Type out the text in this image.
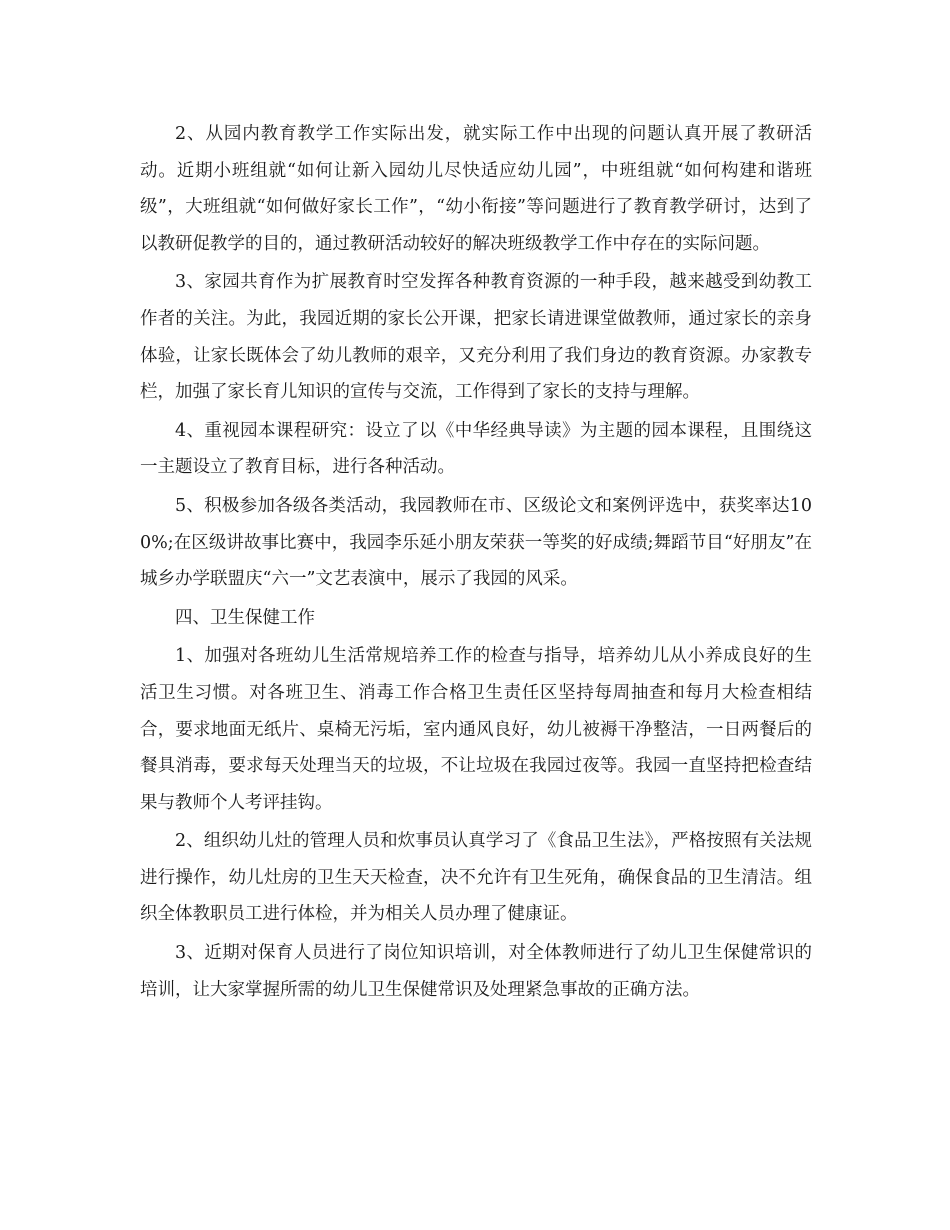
2、从园内教育教学工作实际出发，就实际工作中出现的问题认真开展了教研活动。近期小班组就“如何让新入园幼儿尽快适应幼儿园”，中班组就“如何构建和谐班级”，大班组就“如何做好家长工作”，“幼小衔接”等问题进行了教育教学研讨，达到了以教研促教学的目的，通过教研活动较好的解决班级教学工作中存在的实际问题。

3、家园共育作为扩展教育时空发挥各种教育资源的一种手段，越来越受到幼教工作者的关注。为此，我园近期的家长公开课，把家长请进课堂做教师，通过家长的亲身体验，让家长既体会了幼儿教师的艰辛，又充分利用了我们身边的教育资源。办家教专栏，加强了家长育儿知识的宣传与交流，工作得到了家长的支持与理解。

4、重视园本课程研究：设立了以《中华经典导读》为主题的园本课程，且围绕这一主题设立了教育目标，进行各种活动。

5、积极参加各级各类活动，我园教师在市、区级论文和案例评选中，获奖率达100%;在区级讲故事比赛中，我园李乐延小朋友荣获一等奖的好成绩;舞蹈节目“好朋友”在城乡办学联盟庆“六一”文艺表演中，展示了我园的风采。

四、卫生保健工作

1、加强对各班幼儿生活常规培养工作的检查与指导，培养幼儿从小养成良好的生活卫生习惯。对各班卫生、消毒工作合格卫生责任区坚持每周抽查和每月大检查相结合，要求地面无纸片、桌椅无污垢，室内通风良好，幼儿被褥干净整洁，一日两餐后的餐具消毒，要求每天处理当天的垃圾，不让垃圾在我园过夜等。我园一直坚持把检查结果与教师个人考评挂钩。

2、组织幼儿灶的管理人员和炊事员认真学习了《食品卫生法》，严格按照有关法规进行操作，幼儿灶房的卫生天天检查，决不允许有卫生死角，确保食品的卫生清洁。组织全体教职员工进行体检，并为相关人员办理了健康证。

3、近期对保育人员进行了岗位知识培训，对全体教师进行了幼儿卫生保健常识的培训，让大家掌握所需的幼儿卫生保健常识及处理紧急事故的正确方法。
